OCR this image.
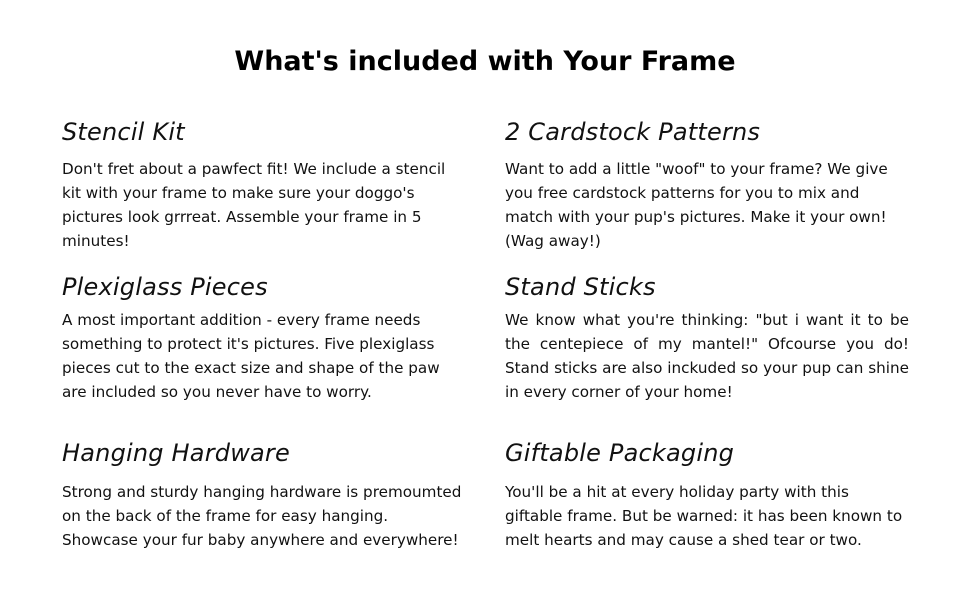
What's included with Your Frame
Stencil Kit

Don't fret about a pawfect fit! We include a stencil kit with your frame to make sure your doggo's pictures look grrreat. Assemble your frame in 5 minutes!

2 Cardstock Patterns

Want to add a little "woof" to your frame? We give you free cardstock patterns for you to mix and match with your pup's pictures. Make it your own! (Wag away!)

Plexiglass Pieces

A most important addition - every frame needs something to protect it's pictures. Five plexiglass pieces cut to the exact size and shape of the paw are included so you never have to worry.

Stand Sticks

We know what you're thinking: "but i want it to be the centepiece of my mantel!" Ofcourse you do! Stand sticks are also inckuded so your pup can shine in every corner of your home!

Hanging Hardware

Strong and sturdy hanging hardware is premoumted on the back of the frame for easy hanging. Showcase your fur baby anywhere and everywhere!

Giftable Packaging

You'll be a hit at every holiday party with this giftable frame. But be warned: it has been known to melt hearts and may cause a shed tear or two.
